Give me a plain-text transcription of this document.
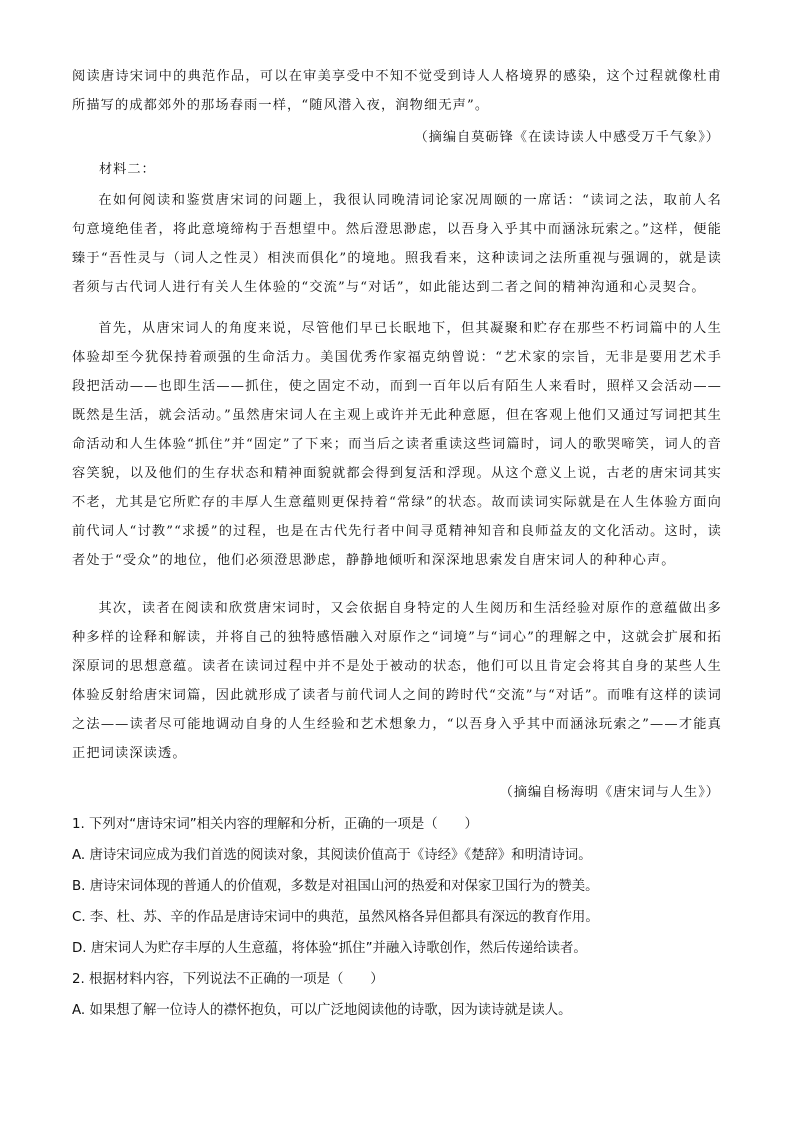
阅读唐诗宋词中的典范作品，可以在审美享受中不知不觉受到诗人人格境界的感染，这个过程就像杜甫所描写的成都郊外的那场春雨一样，“随风潜入夜，润物细无声”。

（摘编自莫砺锋《在读诗读人中感受万千气象》）

材料二：

在如何阅读和鉴赏唐宋词的问题上，我很认同晚清词论家况周颐的一席话：“读词之法，取前人名句意境绝佳者，将此意境缔构于吾想望中。然后澄思渺虑，以吾身入乎其中而涵泳玩索之。”这样，便能臻于“吾性灵与（词人之性灵）相浃而俱化”的境地。照我看来，这种读词之法所重视与强调的，就是读者须与古代词人进行有关人生体验的“交流”与“对话”，如此能达到二者之间的精神沟通和心灵契合。

首先，从唐宋词人的角度来说，尽管他们早已长眠地下，但其凝聚和贮存在那些不朽词篇中的人生体验却至今犹保持着顽强的生命活力。美国优秀作家福克纳曾说：“艺术家的宗旨，无非是要用艺术手段把活动——也即生活——抓住，使之固定不动，而到一百年以后有陌生人来看时，照样又会活动——既然是生活，就会活动。”虽然唐宋词人在主观上或许并无此种意愿，但在客观上他们又通过写词把其生命活动和人生体验“抓住”并“固定”了下来；而当后之读者重读这些词篇时，词人的歌哭啼笑，词人的音容笑貌，以及他们的生存状态和精神面貌就都会得到复活和浮现。从这个意义上说，古老的唐宋词其实不老，尤其是它所贮存的丰厚人生意蕴则更保持着“常绿”的状态。故而读词实际就是在人生体验方面向前代词人“讨教”“求援”的过程，也是在古代先行者中间寻觅精神知音和良师益友的文化活动。这时，读者处于“受众”的地位，他们必须澄思渺虑，静静地倾听和深深地思索发自唐宋词人的种种心声。

其次，读者在阅读和欣赏唐宋词时，又会依据自身特定的人生阅历和生活经验对原作的意蕴做出多种多样的诠释和解读，并将自己的独特感悟融入对原作之“词境”与“词心”的理解之中，这就会扩展和拓深原词的思想意蕴。读者在读词过程中并不是处于被动的状态，他们可以且肯定会将其自身的某些人生体验反射给唐宋词篇，因此就形成了读者与前代词人之间的跨时代“交流”与“对话”。而唯有这样的读词之法——读者尽可能地调动自身的人生经验和艺术想象力，“以吾身入乎其中而涵泳玩索之”——才能真正把词读深读透。

（摘编自杨海明《唐宋词与人生》）

1. 下列对“唐诗宋词”相关内容的理解和分析，正确的一项是（　　）

A. 唐诗宋词应成为我们首选的阅读对象，其阅读价值高于《诗经》《楚辞》和明清诗词。

B. 唐诗宋词体现的普通人的价值观，多数是对祖国山河的热爱和对保家卫国行为的赞美。

C. 李、杜、苏、辛的作品是唐诗宋词中的典范，虽然风格各异但都具有深远的教育作用。

D. 唐宋词人为贮存丰厚的人生意蕴，将体验“抓住”并融入诗歌创作，然后传递给读者。

2. 根据材料内容，下列说法不正确的一项是（　　）

A. 如果想了解一位诗人的襟怀抱负，可以广泛地阅读他的诗歌，因为读诗就是读人。
